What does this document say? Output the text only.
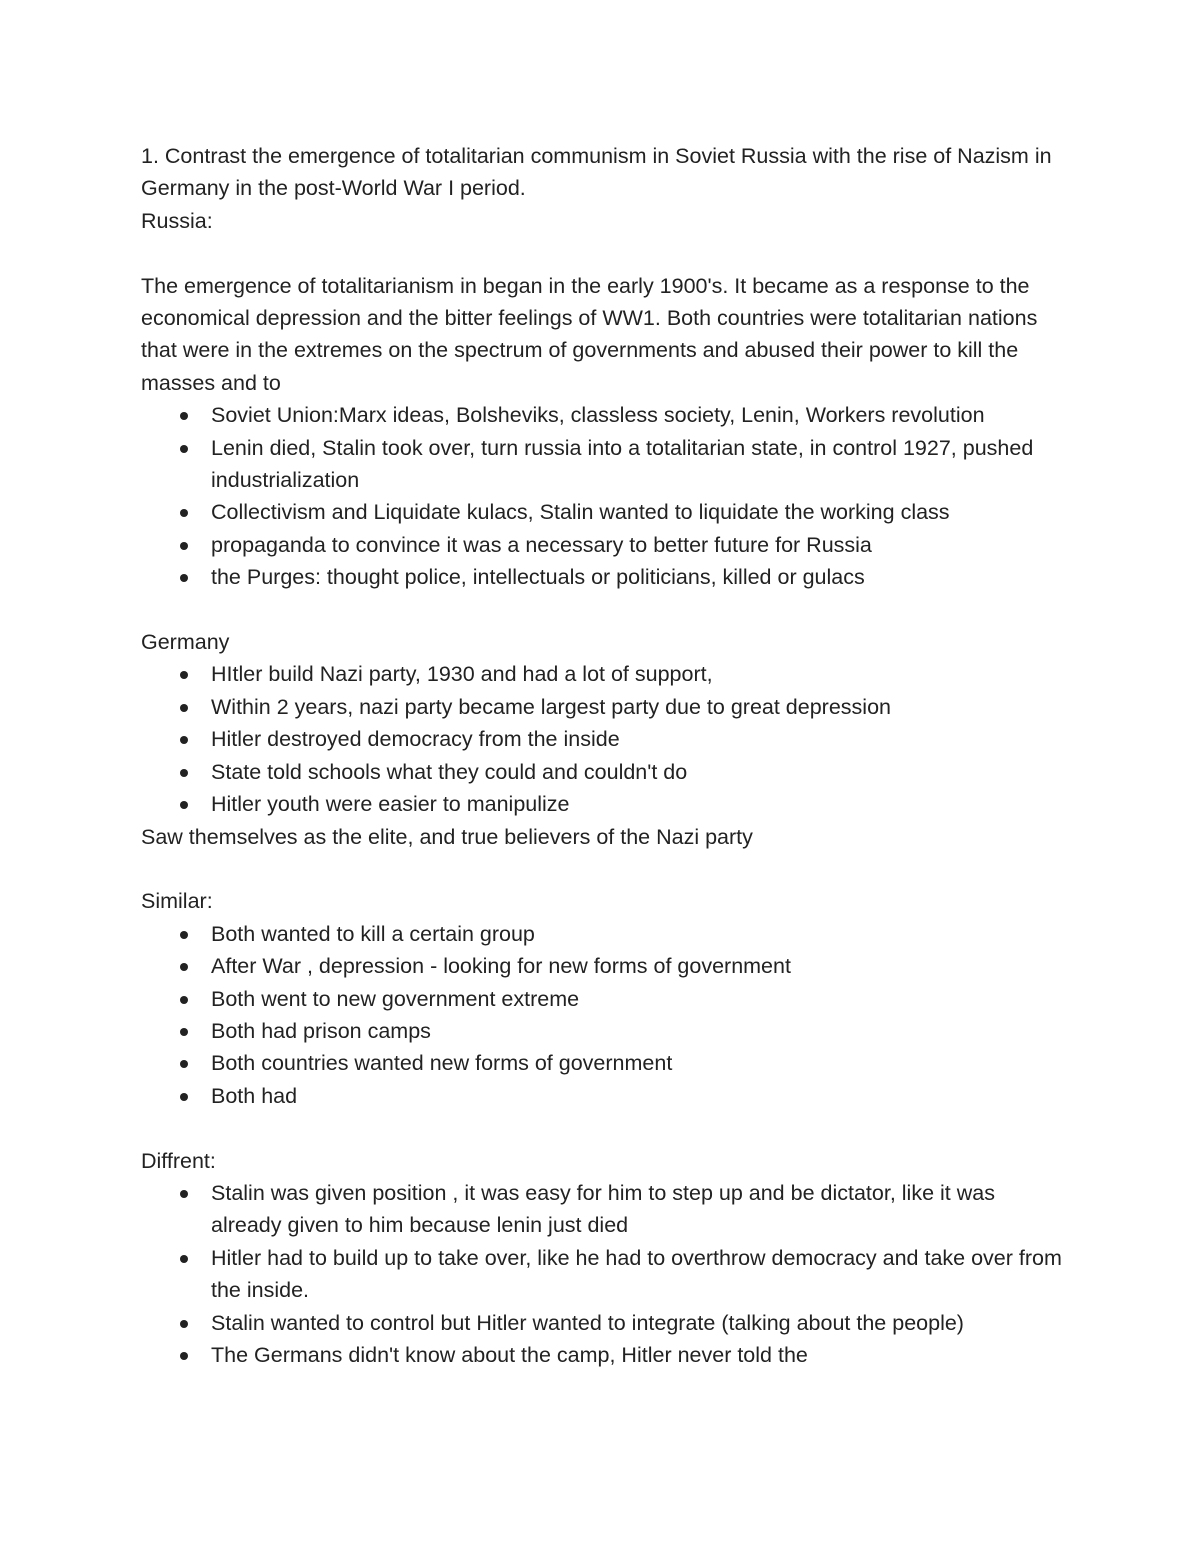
1. Contrast the emergence of totalitarian communism in Soviet Russia with the rise of Nazism in Germany in the post-World War I period.

Russia:

The emergence of totalitarianism in began in the early 1900's. It became as a response to the economical depression and the bitter feelings of WW1. Both countries were totalitarian nations that were in the extremes on the spectrum of governments and abused their power to kill the masses and to

Soviet Union:Marx ideas, Bolsheviks, classless society, Lenin, Workers revolution
Lenin died, Stalin took over, turn russia into a totalitarian state, in control 1927, pushed industrialization
Collectivism and Liquidate kulacs, Stalin wanted to liquidate the working class
propaganda to convince it was a necessary to better future for Russia
the Purges: thought police, intellectuals or politicians, killed or gulacs

Germany

HItler build Nazi party, 1930 and had a lot of support,
Within 2 years, nazi party became largest party due to great depression
Hitler destroyed democracy from the inside
State told schools what they could and couldn't do
Hitler youth were easier to manipulize

Saw themselves as the elite, and true believers of the Nazi party

Similar:

Both wanted to kill a certain group
After War , depression - looking for new forms of government
Both went to new government extreme
Both had prison camps
Both countries wanted new forms of government
Both had

Diffrent:

Stalin was given position , it was easy for him to step up and be dictator, like it was already given to him because lenin just died
Hitler had to build up to take over, like he had to overthrow democracy and take over from the inside.
Stalin wanted to control but Hitler wanted to integrate (talking about the people)
The Germans didn't know about the camp, Hitler never told the
